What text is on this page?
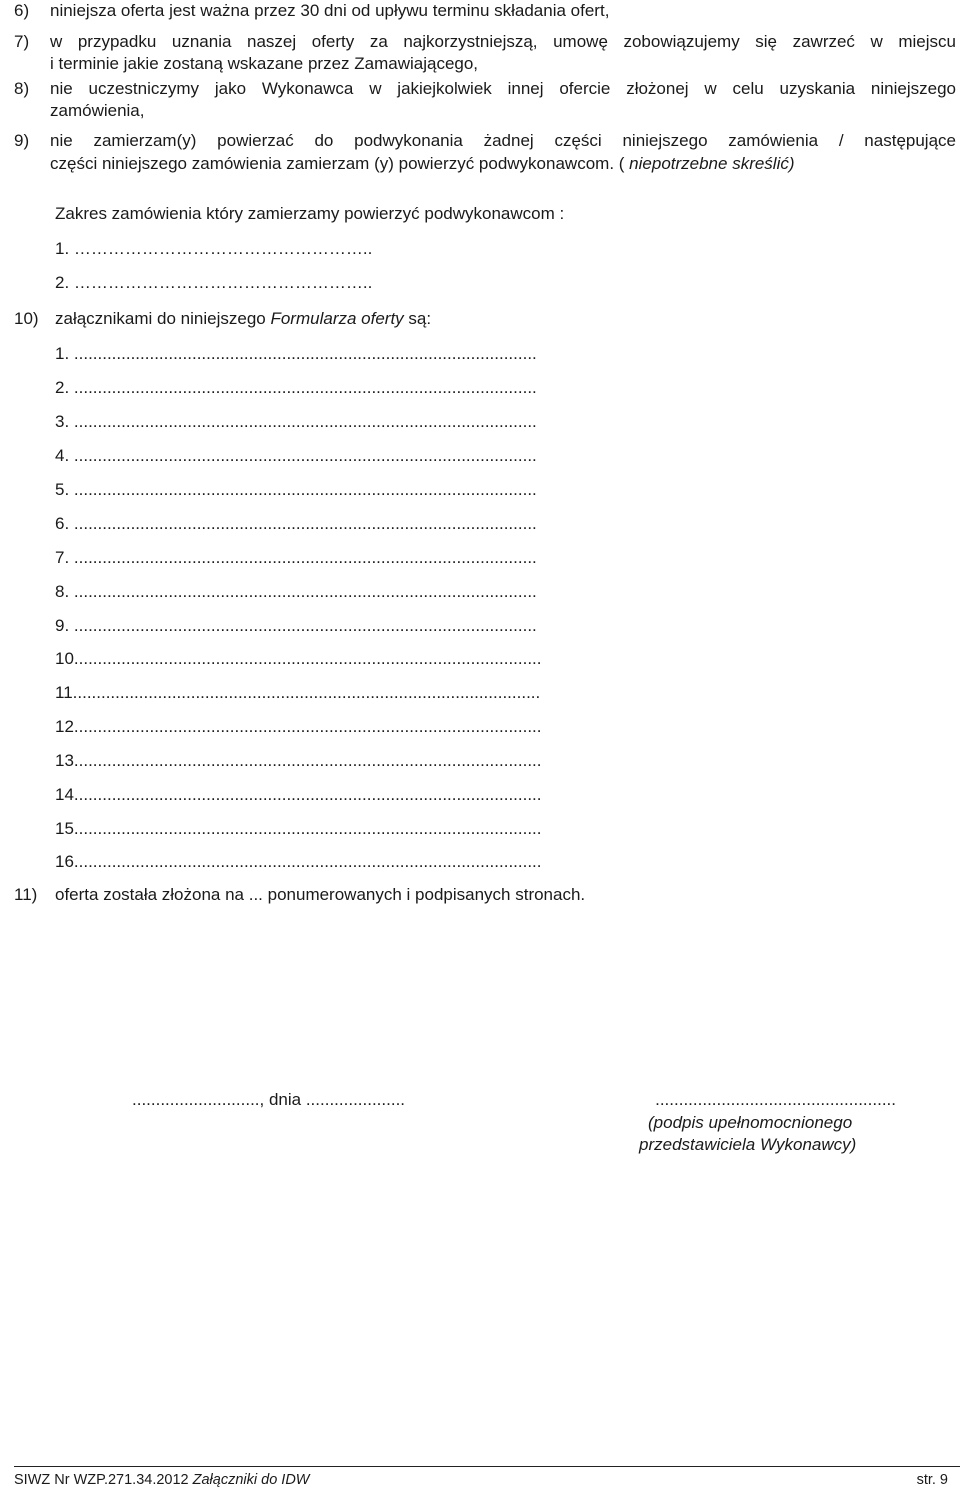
6) niniejsza oferta jest ważna przez 30 dni od upływu terminu składania ofert,
7) w przypadku uznania naszej oferty za najkorzystniejszą, umowę zobowiązujemy się zawrzeć w miejscu
i terminie jakie zostaną wskazane przez Zamawiającego,
8) nie uczestniczymy jako Wykonawca w jakiejkolwiek innej ofercie złożonej w celu uzyskania niniejszego
zamówienia,
9) nie zamierzam(y) powierzać do podwykonania żadnej części niniejszego zamówienia / następujące
części niniejszego zamówienia zamierzam (y) powierzyć podwykonawcom. ( niepotrzebne skreślić)
Zakres zamówienia który zamierzamy powierzyć podwykonawcom :
1. ……………………………………………..
2. ……………………………………………..
10) załącznikami do niniejszego Formularza oferty są:
1. ..................................................................................................
2. ..................................................................................................
3. ..................................................................................................
4. ..................................................................................................
5. ..................................................................................................
6. ..................................................................................................
7. ..................................................................................................
8. ..................................................................................................
9. ..................................................................................................
10...................................................................................................
11...................................................................................................
12...................................................................................................
13...................................................................................................
14...................................................................................................
15...................................................................................................
16...................................................................................................
11) oferta została złożona na ... ponumerowanych i podpisanych stronach.
..........................., dnia .....................	...................................................
(podpis upełnomocnionego
przedstawiciela Wykonawcy)
SIWZ Nr WZP.271.34.2012 Załączniki do IDW	str. 9
